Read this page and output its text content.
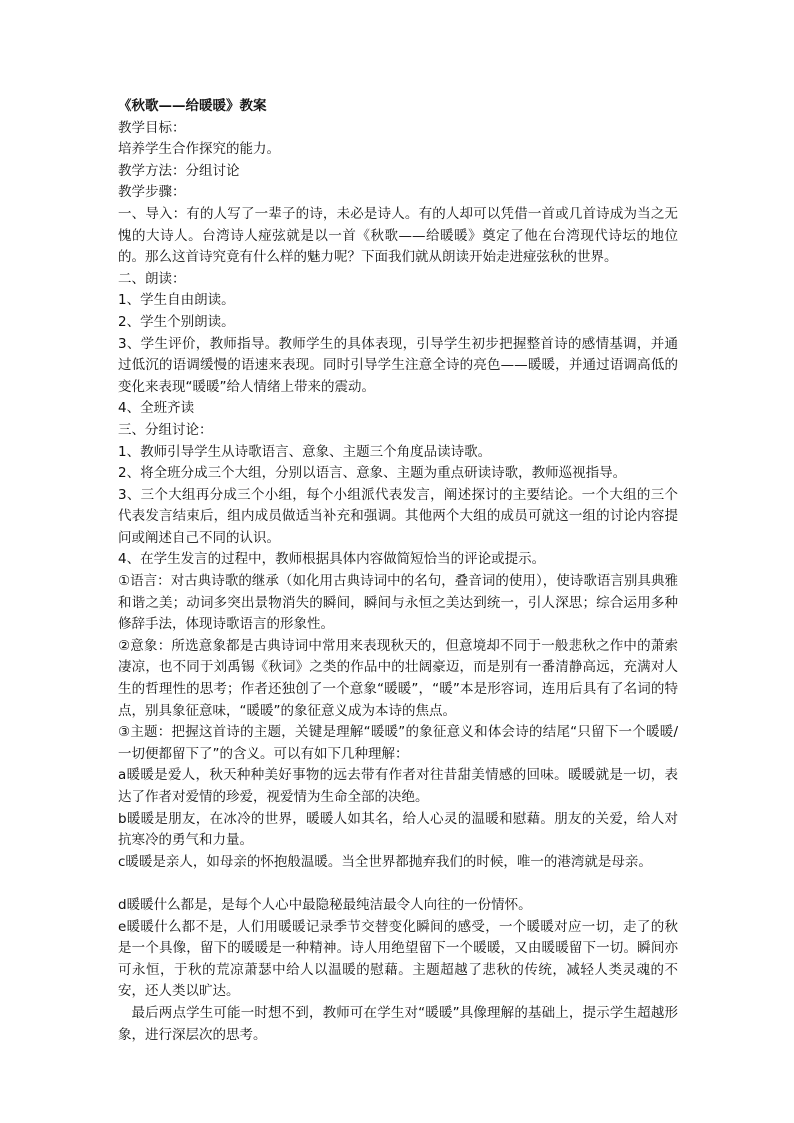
《秋歌——给暖暖》教案

教学目标：

培养学生合作探究的能力。

教学方法：分组讨论

教学步骤：

一、导入：有的人写了一辈子的诗，未必是诗人。有的人却可以凭借一首或几首诗成为当之无愧的大诗人。台湾诗人痖弦就是以一首《秋歌——给暖暖》奠定了他在台湾现代诗坛的地位的。那么这首诗究竟有什么样的魅力呢？下面我们就从朗读开始走进痖弦秋的世界。

二、朗读：

1、学生自由朗读。

2、学生个别朗读。

3、学生评价，教师指导。教师学生的具体表现，引导学生初步把握整首诗的感情基调，并通过低沉的语调缓慢的语速来表现。同时引导学生注意全诗的亮色——暖暖，并通过语调高低的变化来表现“暖暖”给人情绪上带来的震动。

4、全班齐读

三、分组讨论：

1、教师引导学生从诗歌语言、意象、主题三个角度品读诗歌。

2、将全班分成三个大组，分别以语言、意象、主题为重点研读诗歌，教师巡视指导。

3、三个大组再分成三个小组，每个小组派代表发言，阐述探讨的主要结论。一个大组的三个代表发言结束后，组内成员做适当补充和强调。其他两个大组的成员可就这一组的讨论内容提问或阐述自己不同的认识。

4、在学生发言的过程中，教师根据具体内容做简短恰当的评论或提示。

①语言：对古典诗歌的继承（如化用古典诗词中的名句，叠音词的使用），使诗歌语言别具典雅和谐之美；动词多突出景物消失的瞬间，瞬间与永恒之美达到统一，引人深思；综合运用多种修辞手法，体现诗歌语言的形象性。

②意象：所选意象都是古典诗词中常用来表现秋天的，但意境却不同于一般悲秋之作中的萧索凄凉，也不同于刘禹锡《秋词》之类的作品中的壮阔豪迈，而是别有一番清静高远，充满对人生的哲理性的思考；作者还独创了一个意象“暖暖”，“暖”本是形容词，连用后具有了名词的特点，别具象征意味，“暖暖”的象征意义成为本诗的焦点。

③主题：把握这首诗的主题，关键是理解“暖暖”的象征意义和体会诗的结尾“只留下一个暖暖/一切便都留下了”的含义。可以有如下几种理解：

a暖暖是爱人，秋天种种美好事物的远去带有作者对往昔甜美情感的回味。暖暖就是一切，表达了作者对爱情的珍爱，视爱情为生命全部的决绝。

b暖暖是朋友，在冰冷的世界，暖暖人如其名，给人心灵的温暖和慰藉。朋友的关爱，给人对抗寒冷的勇气和力量。

c暖暖是亲人，如母亲的怀抱般温暖。当全世界都抛弃我们的时候，唯一的港湾就是母亲。

d暖暖什么都是，是每个人心中最隐秘最纯洁最令人向往的一份情怀。

e暖暖什么都不是，人们用暖暖记录季节交替变化瞬间的感受，一个暖暖对应一切，走了的秋是一个具像，留下的暖暖是一种精神。诗人用绝望留下一个暖暖，又由暖暖留下一切。瞬间亦可永恒，于秋的荒凉萧瑟中给人以温暖的慰藉。主题超越了悲秋的传统，减轻人类灵魂的不安，还人类以旷达。

最后两点学生可能一时想不到，教师可在学生对“暖暖”具像理解的基础上，提示学生超越形象，进行深层次的思考。
